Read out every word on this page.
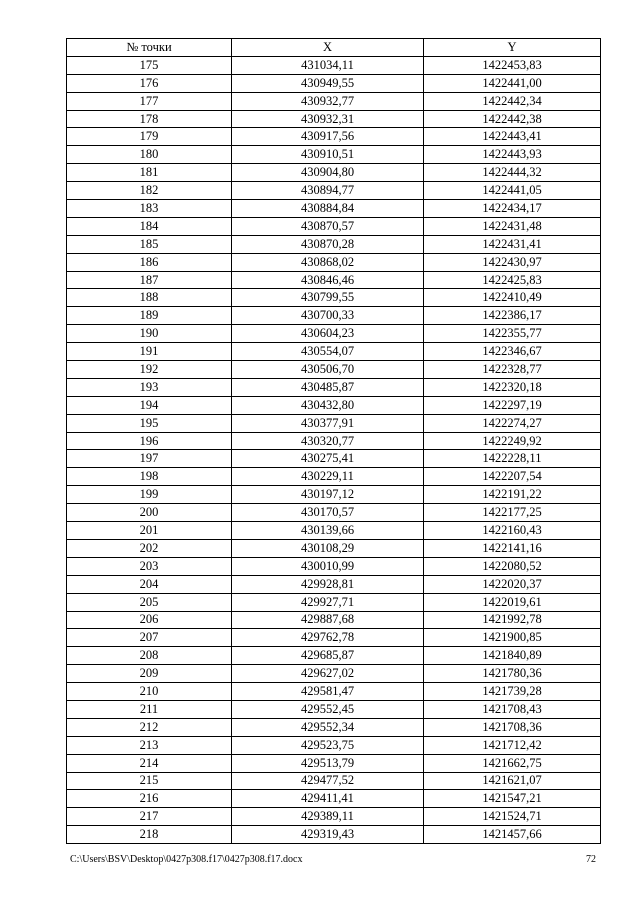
№ точки	X	Y
175	431034,11	1422453,83
176	430949,55	1422441,00
177	430932,77	1422442,34
178	430932,31	1422442,38
179	430917,56	1422443,41
180	430910,51	1422443,93
181	430904,80	1422444,32
182	430894,77	1422441,05
183	430884,84	1422434,17
184	430870,57	1422431,48
185	430870,28	1422431,41
186	430868,02	1422430,97
187	430846,46	1422425,83
188	430799,55	1422410,49
189	430700,33	1422386,17
190	430604,23	1422355,77
191	430554,07	1422346,67
192	430506,70	1422328,77
193	430485,87	1422320,18
194	430432,80	1422297,19
195	430377,91	1422274,27
196	430320,77	1422249,92
197	430275,41	1422228,11
198	430229,11	1422207,54
199	430197,12	1422191,22
200	430170,57	1422177,25
201	430139,66	1422160,43
202	430108,29	1422141,16
203	430010,99	1422080,52
204	429928,81	1422020,37
205	429927,71	1422019,61
206	429887,68	1421992,78
207	429762,78	1421900,85
208	429685,87	1421840,89
209	429627,02	1421780,36
210	429581,47	1421739,28
211	429552,45	1421708,43
212	429552,34	1421708,36
213	429523,75	1421712,42
214	429513,79	1421662,75
215	429477,52	1421621,07
216	429411,41	1421547,21
217	429389,11	1421524,71
218	429319,43	1421457,66
C:\Users\BSV\Desktop\0427p308.f17\0427p308.f17.docx	72
